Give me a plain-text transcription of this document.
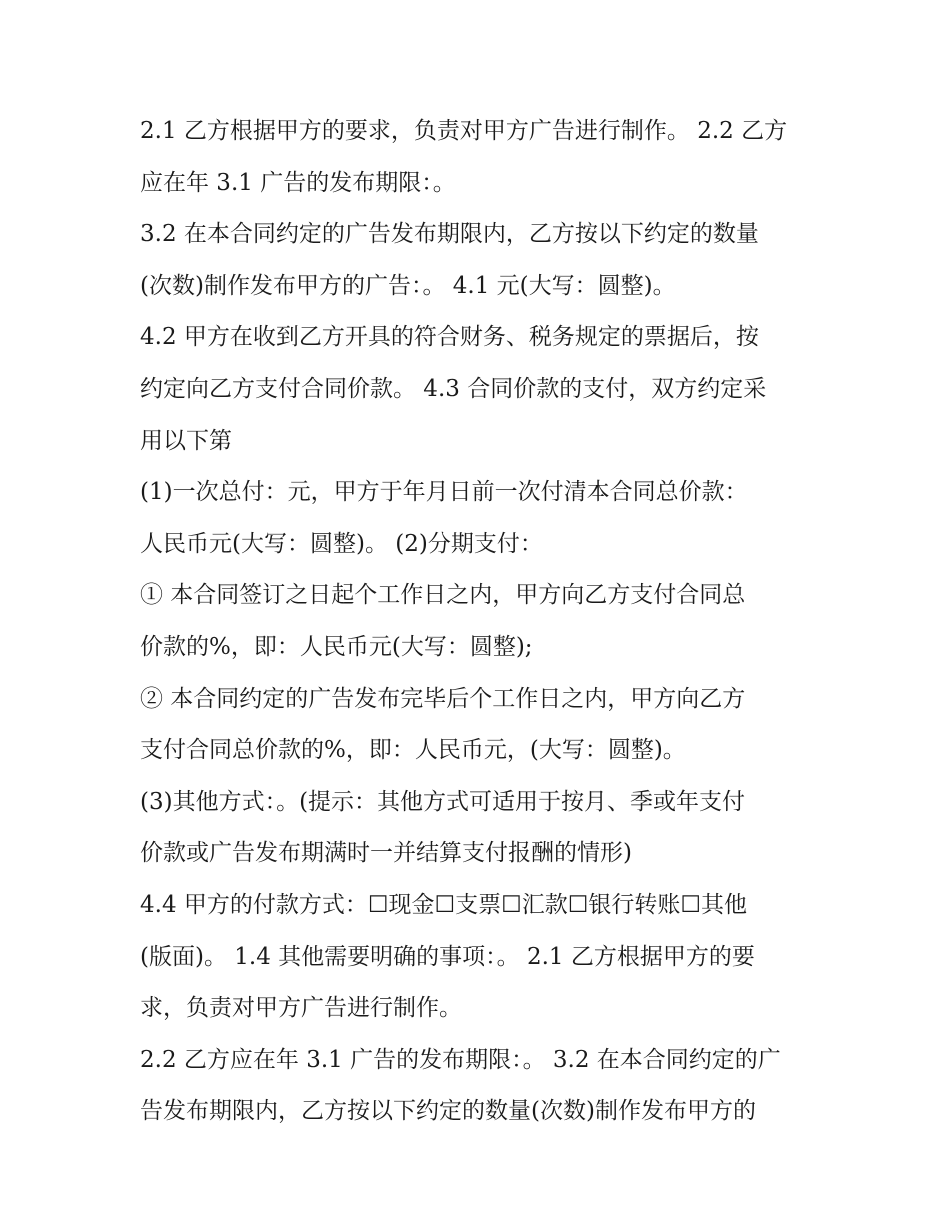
2.1 乙方根据甲方的要求，负责对甲方广告进行制作。 2.2 乙方
应在年 3.1 广告的发布期限：。
3.2 在本合同约定的广告发布期限内，乙方按以下约定的数量
(次数)制作发布甲方的广告：。 4.1 元(大写：圆整)。
4.2 甲方在收到乙方开具的符合财务、税务规定的票据后，按
约定向乙方支付合同价款。 4.3 合同价款的支付，双方约定采
用以下第
(1)一次总付：元，甲方于年月日前一次付清本合同总价款：
人民币元(大写：圆整)。 (2)分期支付：
① 本合同签订之日起个工作日之内，甲方向乙方支付合同总
价款的%，即：人民币元(大写：圆整);
② 本合同约定的广告发布完毕后个工作日之内，甲方向乙方
支付合同总价款的%，即：人民币元，(大写：圆整)。
(3)其他方式：。(提示：其他方式可适用于按月、季或年支付
价款或广告发布期满时一并结算支付报酬的情形)
4.4 甲方的付款方式：☐现金☐支票☐汇款☐银行转账☐其他
(版面)。 1.4 其他需要明确的事项：。 2.1 乙方根据甲方的要
求，负责对甲方广告进行制作。
2.2 乙方应在年 3.1 广告的发布期限：。 3.2 在本合同约定的广
告发布期限内，乙方按以下约定的数量(次数)制作发布甲方的
